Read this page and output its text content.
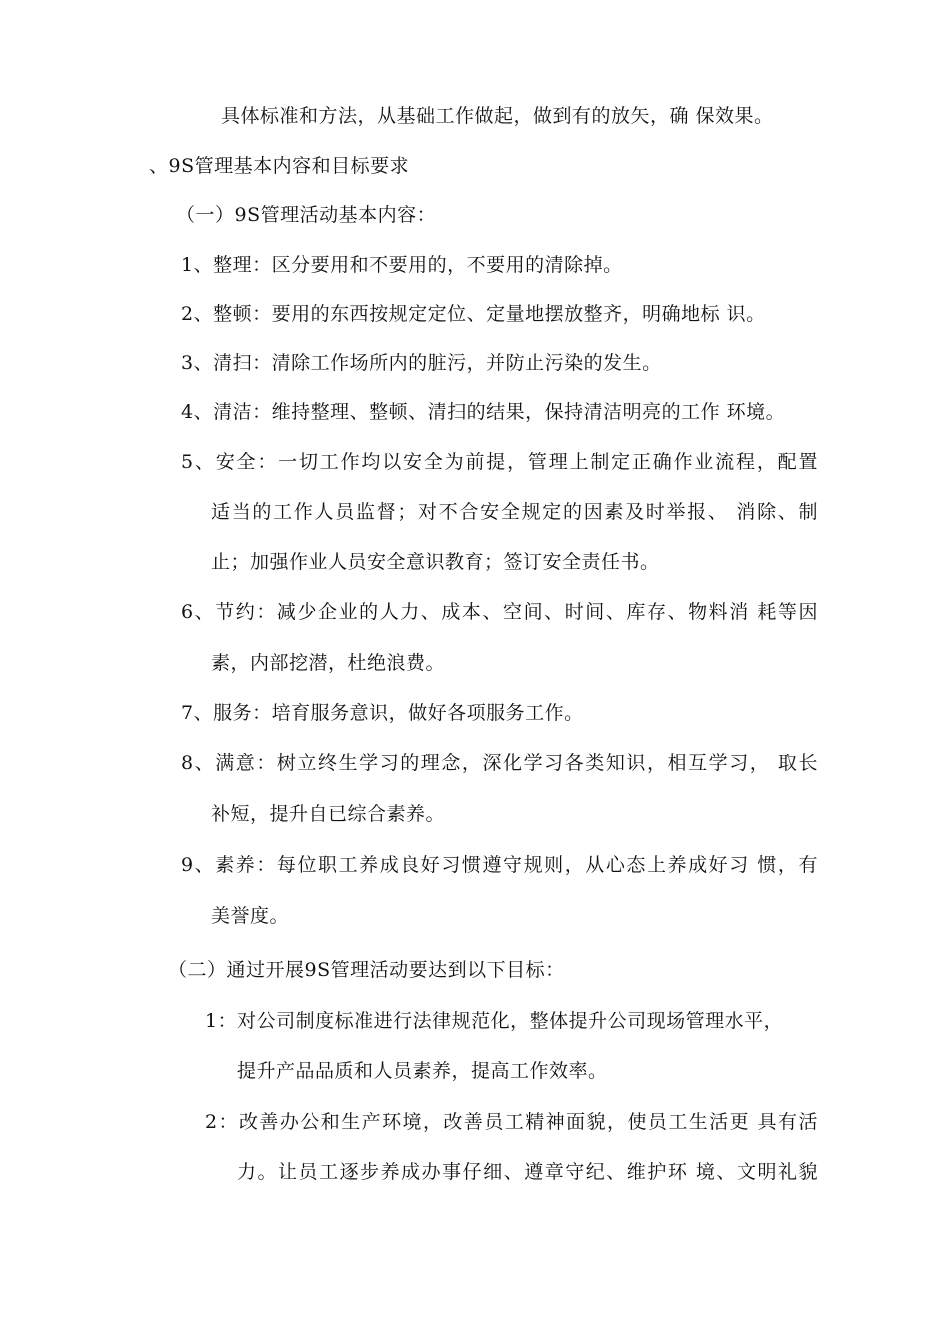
具体标准和方法，从基础工作做起，做到有的放矢，确 保效果。
、9S管理基本内容和目标要求
（一）9S管理活动基本内容：
1、整理：区分要用和不要用的，不要用的清除掉。
2、整顿：要用的东西按规定定位、定量地摆放整齐，明确地标 识。
3、清扫：清除工作场所内的脏污，并防止污染的发生。
4、清洁：维持整理、整顿、清扫的结果，保持清洁明亮的工作 环境。
5、安全：一切工作均以安全为前提，管理上制定正确作业流程，配置
适当的工作人员监督；对不合安全规定的因素及时举报、 消除、制
止；加强作业人员安全意识教育；签订安全责任书。
6、节约：减少企业的人力、成本、空间、时间、库存、物料消 耗等因
素，内部挖潜，杜绝浪费。
7、服务：培育服务意识，做好各项服务工作。
8、满意：树立终生学习的理念，深化学习各类知识，相互学习， 取长
补短，提升自已综合素养。
9、素养：每位职工养成良好习惯遵守规则，从心态上养成好习 惯，有
美誉度。
（二）通过开展9S管理活动要达到以下目标：
1：对公司制度标准进行法律规范化，整体提升公司现场管理水平，
提升产品品质和人员素养，提高工作效率。
2：改善办公和生产环境，改善员工精神面貌，使员工生活更 具有活
力。让员工逐步养成办事仔细、遵章守纪、维护环 境、文明礼貌
